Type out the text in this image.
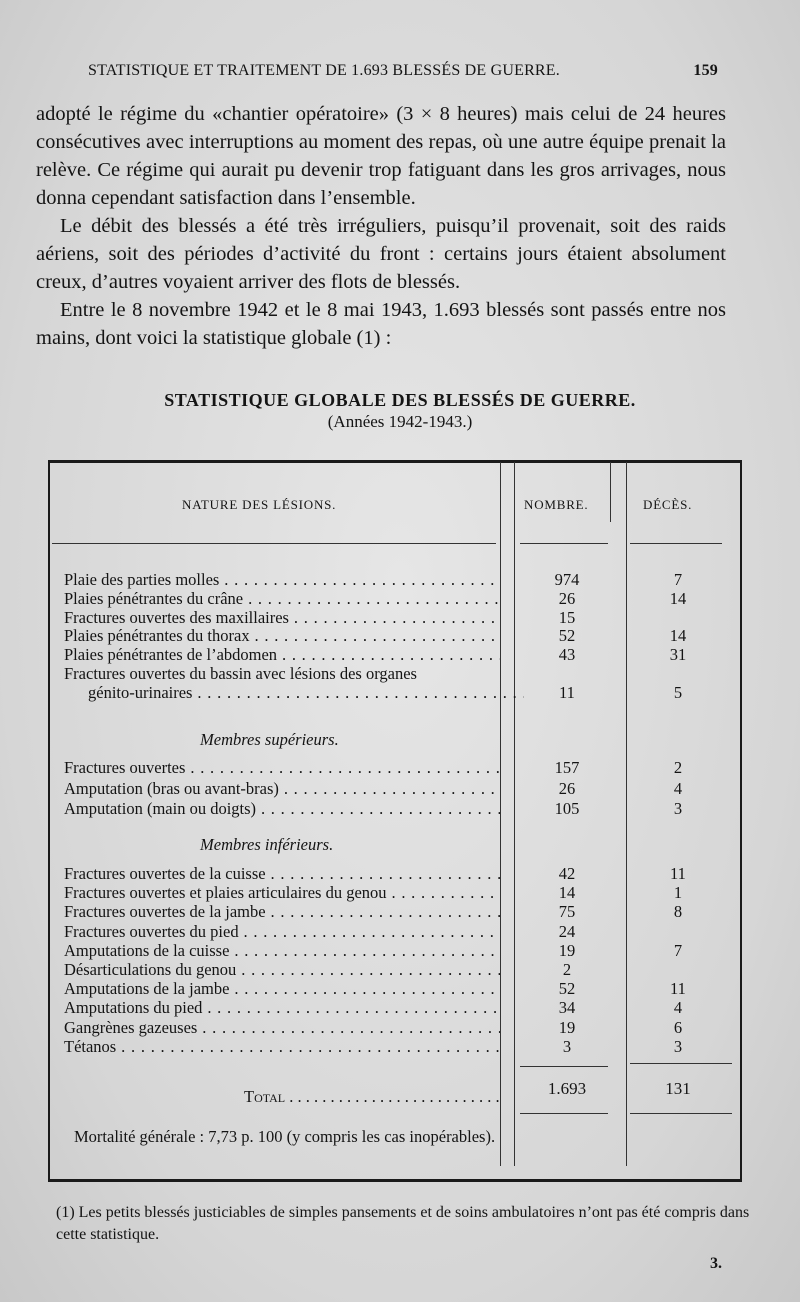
STATISTIQUE ET TRAITEMENT DE 1.693 BLESSÉS DE GUERRE.	159

adopté le régime du «chantier opératoire» (3 × 8 heures) mais celui de 24 heures consécutives avec interruptions au moment des repas, où une autre équipe prenait la relève. Ce régime qui aurait pu devenir trop fatiguant dans les gros arrivages, nous donna cependant satisfaction dans l’ensemble.

Le débit des blessés a été très irréguliers, puisqu’il provenait, soit des raids aériens, soit des périodes d’activité du front : certains jours étaient absolument creux, d’autres voyaient arriver des flots de blessés.

Entre le 8 novembre 1942 et le 8 mai 1943, 1.693 blessés sont passés entre nos mains, dont voici la statistique globale (1) :

STATISTIQUE GLOBALE DES BLESSÉS DE GUERRE.
(Années 1942-1943.)
NATURE DES LÉSIONS.	NOMBRE.	DÉCÈS.
Plaie des parties molles . . .	974	7
Plaies pénétrantes du crâne . . .	26	14
Fractures ouvertes des maxillaires . . .	15
Plaies pénétrantes du thorax . . .	52	14
Plaies pénétrantes de l’abdomen . . .	43	31
Fractures ouvertes du bassin avec lésions des organes
génito-urinaires . . .	11	5
Fractures ouvertes . . .	157	2
Amputation (bras ou avant-bras) . . .	26	4
Amputation (main ou doigts) . . .	105	3
Fractures ouvertes de la cuisse . . .	42	11
Fractures ouvertes et plaies articulaires du genou . . .	14	1
Fractures ouvertes de la jambe . . .	75	8
Fractures ouvertes du pied . . .	24
Amputations de la cuisse . . .	19	7
Désarticulations du genou . . .	2
Amputations de la jambe . . .	52	11
Amputations du pied . . .	34	4
Gangrènes gazeuses . . .	19	6
Tétanos . . .	3	3
Membres supérieurs.
Membres inférieurs.
Total . . .	1.693	131
Mortalité générale : 7,73 p. 100 (y compris les cas inopérables).
(1) Les petits blessés justiciables de simples pansements et de soins ambulatoires n’ont pas été compris dans cette statistique.
3.
